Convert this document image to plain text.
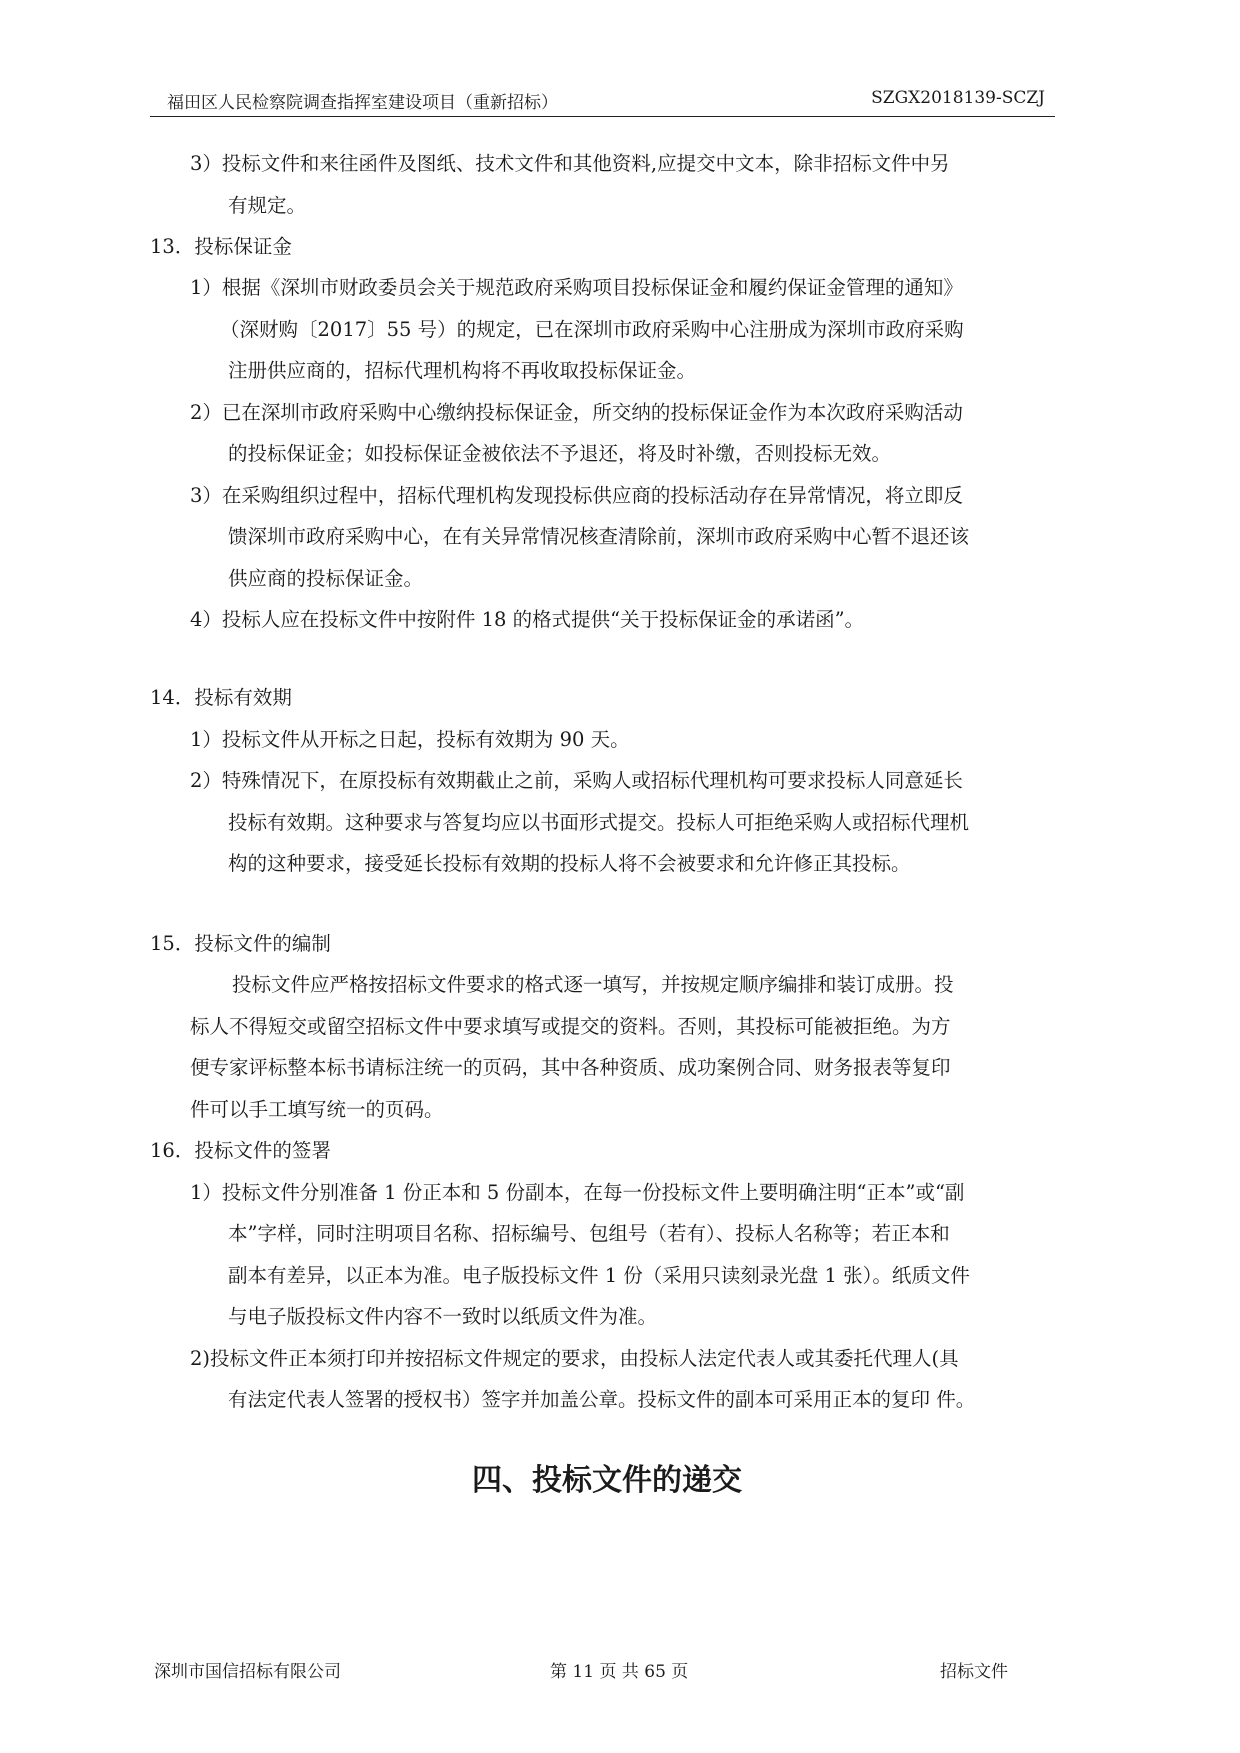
福田区人民检察院调查指挥室建设项目（重新招标）	SZGX2018139-SCZJ
3）投标文件和来往函件及图纸、技术文件和其他资料,应提交中文本，除非招标文件中另
有规定。
13．投标保证金
1）根据《深圳市财政委员会关于规范政府采购项目投标保证金和履约保证金管理的通知》
（深财购〔2017〕55 号）的规定，已在深圳市政府采购中心注册成为深圳市政府采购
注册供应商的，招标代理机构将不再收取投标保证金。
2）已在深圳市政府采购中心缴纳投标保证金，所交纳的投标保证金作为本次政府采购活动
的投标保证金；如投标保证金被依法不予退还，将及时补缴，否则投标无效。
3）在采购组织过程中，招标代理机构发现投标供应商的投标活动存在异常情况，将立即反
馈深圳市政府采购中心，在有关异常情况核查清除前，深圳市政府采购中心暂不退还该
供应商的投标保证金。
4）投标人应在投标文件中按附件 18 的格式提供“关于投标保证金的承诺函”。
14．投标有效期
1）投标文件从开标之日起，投标有效期为 90 天。
2）特殊情况下，在原投标有效期截止之前，采购人或招标代理机构可要求投标人同意延长
投标有效期。这种要求与答复均应以书面形式提交。投标人可拒绝采购人或招标代理机
构的这种要求，接受延长投标有效期的投标人将不会被要求和允许修正其投标。
15．投标文件的编制
投标文件应严格按招标文件要求的格式逐一填写，并按规定顺序编排和装订成册。投
标人不得短交或留空招标文件中要求填写或提交的资料。否则，其投标可能被拒绝。为方
便专家评标整本标书请标注统一的页码，其中各种资质、成功案例合同、财务报表等复印
件可以手工填写统一的页码。
16．投标文件的签署
1）投标文件分别准备 1 份正本和 5 份副本，在每一份投标文件上要明确注明“正本”或“副
本”字样，同时注明项目名称、招标编号、包组号（若有）、投标人名称等；若正本和
副本有差异，以正本为准。电子版投标文件 1 份（采用只读刻录光盘 1 张）。纸质文件
与电子版投标文件内容不一致时以纸质文件为准。
2)投标文件正本须打印并按招标文件规定的要求，由投标人法定代表人或其委托代理人(具
有法定代表人签署的授权书）签字并加盖公章。投标文件的副本可采用正本的复印 件。
四、投标文件的递交
深圳市国信招标有限公司	第 11 页 共 65 页	招标文件
